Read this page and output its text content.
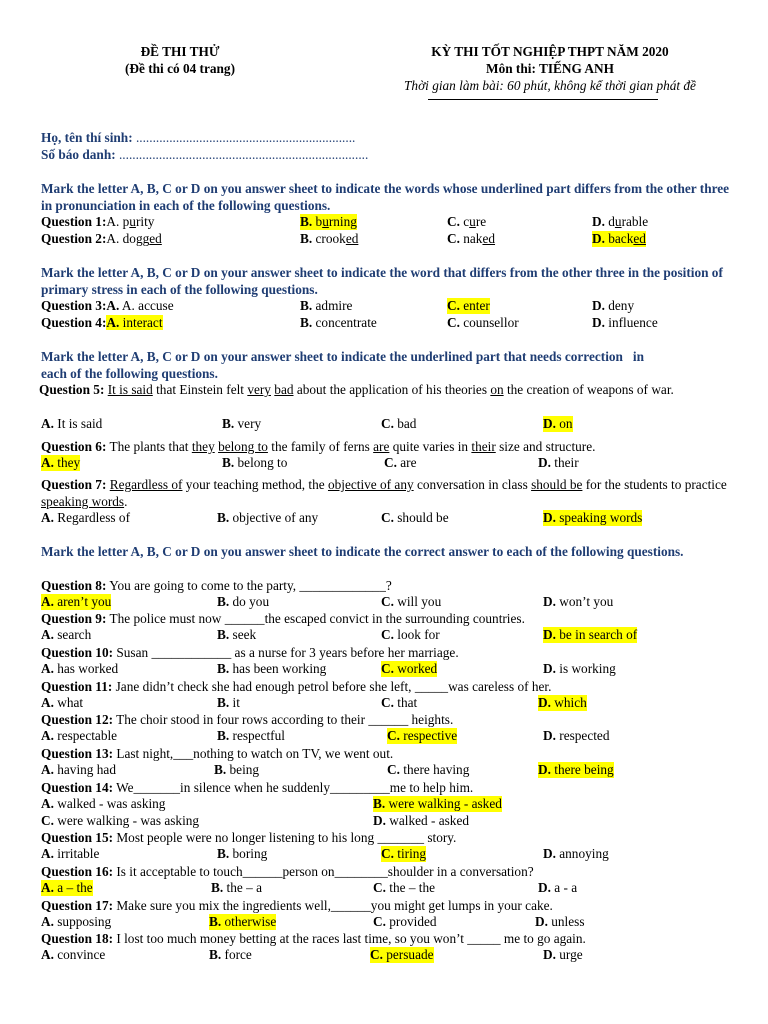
ĐỀ THI THỬ
(Đề thi có 04 trang)
KỲ THI TỐT NGHIỆP THPT NĂM 2020
Môn thi: TIẾNG ANH
Thời gian làm bài: 60 phút, không kể thời gian phát đề
Họ, tên thí sinh: ..................................................................
Số báo danh: ...........................................................................
Mark the letter A, B, C or D on you answer sheet to indicate the words whose underlined part differs from the other three in pronunciation in each of the following questions.
Question 1:A. purity	B. burning	C. cure	D. durable
Question 2:A. dogged	B. crooked	C. naked	D. backed
Mark the letter A, B, C or D on your answer sheet to indicate the word that differs from the other three in the position of primary stress in each of the following questions.
Question 3:A. A. accuse	B. admire	C. enter	D. deny
Question 4:A. interact	B. concentrate	C. counsellor	D. influence
Mark the letter A, B, C or D on your answer sheet to indicate the underlined part that needs correction in
each of the following questions.
Question 5: It is said that Einstein felt very bad about the application of his theories on the creation of weapons of war.
A. It is said	B. very	C. bad	D. on
Question 6: The plants that they belong to the family of ferns are quite varies in their size and structure.
A. they	B. belong to	C. are	D. their
Question 7: Regardless of your teaching method, the objective of any conversation in class should be for the students to practice speaking words.
A. Regardless of	B. objective of any	C. should be	D. speaking words
Mark the letter A, B, C or D on you answer sheet to indicate the correct answer to each of the following questions.
Question 8: You are going to come to the party, _____________?
A. aren’t you	B. do you	C. will you	D. won’t you
Question 9: The police must now ______the escaped convict in the surrounding countries.
A. search	B. seek	C. look for	D. be in search of
Question 10: Susan ____________ as a nurse for 3 years before her marriage.
A. has worked	B. has been working	C. worked	D. is working
Question 11: Jane didn’t check she had enough petrol before she left, _____was careless of her.
A. what	B. it	C. that	D. which
Question 12: The choir stood in four rows according to their ______ heights.
A. respectable	B. respectful	C. respective	D. respected
Question 13: Last night,___nothing to watch on TV, we went out.
A. having had	B. being	C. there having	D. there being
Question 14: We_______in silence when he suddenly_________me to help him.
A. walked - was asking	B. were walking - asked
C. were walking - was asking	D. walked - asked
Question 15: Most people were no longer listening to his long _______ story.
A. irritable	B. boring	C. tiring	D. annoying
Question 16: Is it acceptable to touch______person on________shoulder in a conversation?
A. a – the	B. the – a	C. the – the	D. a - a
Question 17: Make sure you mix the ingredients well,______you might get lumps in your cake.
A. supposing	B. otherwise	C. provided	D. unless
Question 18: I lost too much money betting at the races last time, so you won’t _____ me to go again.
A. convince	B. force	C. persuade	D. urge
